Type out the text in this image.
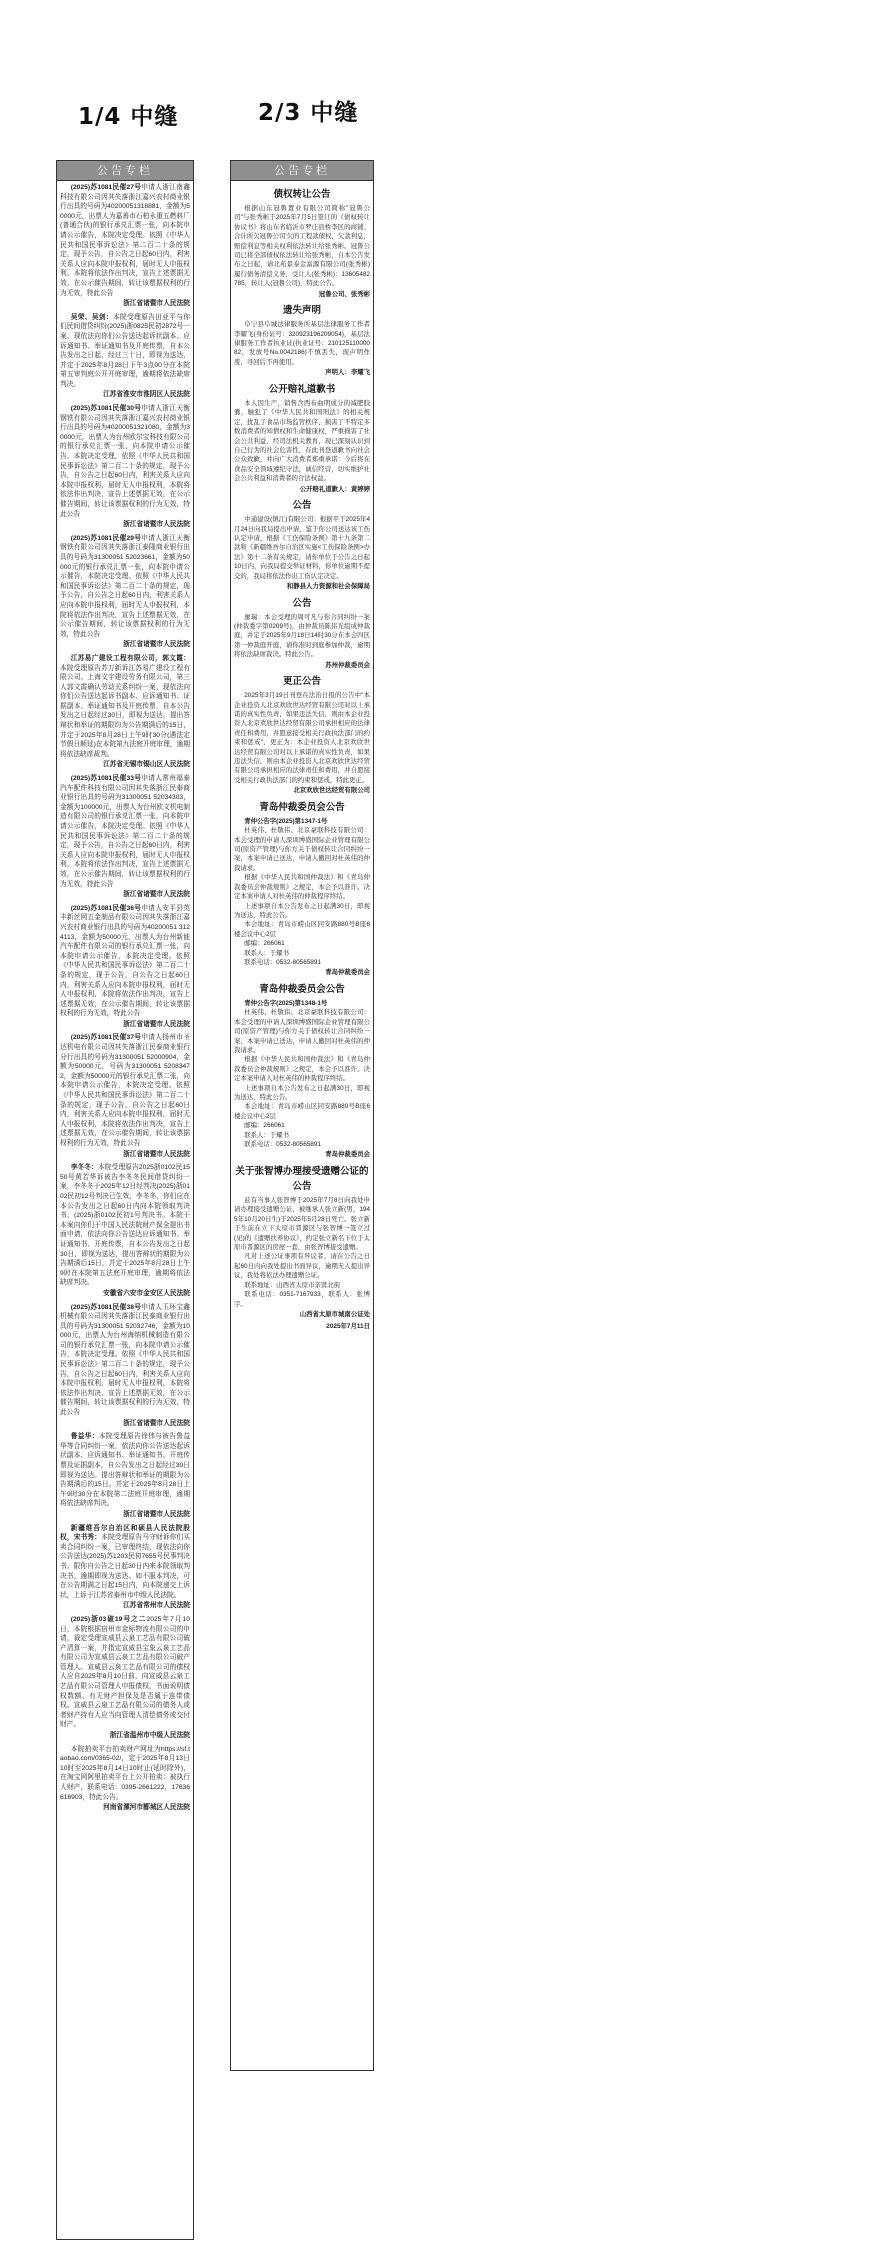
1/4 中缝	2/3 中缝
公告专栏
(2025)苏1081民催27号申请人浙江南鑫科技有限公司因其失落浙江嘉兴农村商业银行出具的号码为40200051318881，金额为50000元，出票人为嘉善市石柏永重五燃料厂(普通合伙)的银行承兑汇票一张，向本院申请公示催告，本院决定受理。依照《中华人民共和国民事诉讼法》第二百二十条的规定，现予公告，自公告之日起60日内，利害关系人应向本院申报权利，届时无人申报权利，本院将依法作出判决，宣告上述票据无效，在公示催告期间，转让该票据权利的行为无效，特此公告
浙江省诸暨市人民法院
吴荣、吴剑：本院受理原告田亚平与你们民间借贷纠纷(2025)浙0825民初2872号一案，现依法向你们公告送达起诉状副本、应诉通知书、举证通知书及开庭传票，自本公告发出之日起，经过三十日，即视为送达，并定于2025年8月28日下午3点00分在本院第五审判庭公开开庭审理，逾期将依法缺席判决。
江苏省淮安市淮阴区人民法院
(2025)苏1081民催30号申请人浙江天衡钢铁有限公司因其失落浙江嘉兴农村商业银行出具的号码为40200051321080，金额为30000元，出票人为台州欧尔宝科技有限公司的银行承兑汇票一张，向本院申请公示催告，本院决定受理，依照《中华人民共和国民事诉讼法》第二百二十条的规定，现予公告，自公告之日起60日内，利害关系人应向本院申报权利，届时无人申报权利，本院将依法作出判决，宣告上述票据无效，在公示催告期间，转让该票据权利的行为无效，特此公告
浙江省诸暨市人民法院
(2025)苏1081民催29号申请人浙江天衡钢铁有限公司因其失落浙江泰隆商业银行出具的号码为31300051 52023661，金额为50000元的银行承兑汇票一张，向本院申请公示催告，本院决定受理。依照《中华人民共和国民事诉讼法》第二百二十条的规定，现予公告，自公告之日起60日内，利害关系人应向本院申报权利，届时无人申报权利，本院将依法作出判决，宣告上述票据无效，在公示催告期间，转让该票据权利的行为无效，特此公告
浙江省诸暨市人民法院
江苏易广建设工程有限公司，郭文霞：本院受理原告苏万新诉江苏易广建设工程有限公司、上海文宇建设劳务有限公司，第三人郭文霞确认劳动关系纠纷一案，现依法向你们公告送达起诉书副本、应诉通知书、证据副本、举证通知书及开庭传票，自本公告发出之日起经过30日，即视为送达，提出答辩状和举证的期限均为公告期满后的15日，并定于2025年8月28日上午9时30分(遇法定节假日顺延)在本院第九法庭开庭审理，逾期将依法缺席裁判。
江苏省无锡市锡山区人民法院
(2025)苏1081民催33号申请人常州福泰汽车配件科技有限公司因其失落浙江民泰商业银行出具的号码为31300051 52034303，金额为100000元，出票人为台州欧文机电制造有限公司的银行承兑汇票一张，向本院申请公示催告，本院决定受理。依照《中华人民共和国民事诉讼法》第二百二十条的规定，现予公告，自公告之日起60日内，利害关系人应向本院申报权利，届时无人申报权利，本院将依法作出判决，宣告上述票据无效，在公示催告期间，转让该票据权利的行为无效，特此公告
浙江省诸暨市人民法院
(2025)苏1081民催36号申请人安平县英丰新丝网五金制品有限公司因其失落浙江嘉兴农村商业银行出具的号码为40200051 3124113，金额为50000元，出票人为台州新能汽车配件有限公司的银行承兑汇票一张，向本院申请公示催告，本院决定受理。依照《中华人民共和国民事诉讼法》第二百二十条的规定，现予公告，自公告之日起60日内，利害关系人应向本院申报权利，届时无人申报权利，本院将依法作出判决，宣告上述票据无效，在公示催告期间，转让该票据权利的行为无效，特此公告
浙江省诸暨市人民法院
(2025)苏1081民催37号申请人扬州市圣达机电有限公司因其失落浙江民泰商业银行分行出具的号码为31300051 52000904，金额为50000元，号码为31300051 52083472，金额为50000元的银行承兑汇票二张，向本院申请公示催告，本院决定受理。依照《中华人民共和国民事诉讼法》第二百二十条的规定，现予公告，自公告之日起60日内，利害关系人应向本院申报权利，届时无人申报权利，本院将依法作出判决，宣告上述票据无效，在公示催告期间，转让该票据权利的行为无效，特此公告
浙江省诸暨市人民法院
李冬冬：本院受理原告2025浙0102民1550号黄若华诉被告李冬冬民间借贷纠纷一案，李冬冬于2025年12日经判决(2025)浙0102民初12号判决已生效，李冬冬，你们应在本公告发出之日起60日内向本院领取判决书，(2025)浙0102民初1号判决书。本院于本案向你们于中国人民法院财产保全提出书面申请，依法向你公告送达应诉通知书、举证通知书、开庭传票，自本公告发出之日起30日，即视为送达，提出答辩状的期限为公告期满后15日，并定于2025年8月28日上午9时在本院第五法庭开庭审理，逾期将依法缺席判决。
安徽省六安市金安区人民法院
(2025)苏1081民催38号申请人玉环宝鑫机械有限公司因其失落浙江民泰商业银行出具的号码为31300051 52032746，金额为10000元，出票人为台州海纳机械制造有限公司的银行承兑汇票一张，向本院申请公示催告，本院决定受理。依照《中华人民共和国民事诉讼法》第二百二十条的规定，现予公告，自公告之日起60日内，利害关系人应向本院申报权利，届时无人申报权利，本院将依法作出判决，宣告上述票据无效，在公示催告期间，转让该票据权利的行为无效，特此公告
浙江省诸暨市人民法院
鲁益华：本院受理原告徐伟与被告鲁益华等合同纠纷一案，依法向你公告送达起诉状副本、应诉通知书、举证通知书、开庭传票及证据副本，自公告发出之日起经过30日即视为送达。提出答辩状和举证的期限为公告期满后的15日。并定于2025年8月28日上午9时30分在本院第二法庭开庭审理，逾期将依法缺席判决。
浙江省诸暨市人民法院
新疆维吾尔自治区和硕县人民法院股权，宋书秀：本院受理原告马守财诉你们买卖合同纠纷一案，已审理终结，现依法向你公告送达(2025)苏1203民初7655号民事判决书。限你自公告之日起30日内来本院领取判决书，逾期即视为送达。如不服本判决，可在公告期满之日起15日内，向本院递交上诉状，上诉于江苏省泰州市中级人民法院。
江苏省常州市人民法院
(2025)浙03破19号之二2025年7月10日，本院根据宿州市金标物流有限公司的申请，裁定受理宣威县云泉工艺品有限公司破产清算一案，并指定宣威县宝象云泉工艺品有限公司为宣威县云泉工艺品有限公司破产管理人。宣威县云泉工艺品有限公司的债权人应自2025年8月10日前，向宣威县云泉工艺品有限公司管理人申报债权，书面说明债权数额、有无财产担保及是否属于连带债权。宣威县云泉工艺品有限公司的债务人或者财产持有人应当向管理人清偿债务或交付财产。
浙江省温州市中级人民法院
本院拍卖平台拍卖财产网址为https://sf.taobao.com/0365-02/，定于2025年8月13日10时至2025年8月14日10时止(延时除外)，在淘宝网阿里拍卖平台上公开拍卖：被执行人财产，联系电话：0395-2661222，17636616903，特此公告。
河南省漯河市郾城区人民法院
公告专栏
债权转让公告

根据山东冠鲁置业有限公司简称"冠鲁公司"与张秀彬于2025年7月5日签订的《债权转让协议书》将山东省临沂市罗庄县桥李区的商铺、合计所欠冠鲁公司'欠的工程款债权，欠款利息，赔偿利息等相关权利依法转让给张秀彬。冠鲁公司已将全部债权依法转让给张秀彬，自本公告发布之日起，请北苑景泰金富源有限公司(张秀彬)履行债务清偿义务，受让人(张秀彬)：13605482785，转让人(冠鲁公司)，特此公告。

冠鲁公司、张秀彬
遗失声明

阜宁县阜城法律服务所基层法律服务工作者李耀飞(身份证号：320923196209054)，基层法律服务工作者执业证(执业证号：21012511000082，发放号No.0042186)不慎丢失，现声明作废，寻回后不再使用。

声明人：李耀飞
公开赔礼道歉书

本人因生产，销售含西布曲明成分的减肥胶囊，触犯了《中华人民共和国刑法》的相关规定，扰乱了食品市场监管秩序，损害了不特定多数消费者的知情权和生命健康权，严重损害了社会公共利益，经司法机关教育，现已深刻认识到自己行为的社会危害性，在此刊登道歉书向社会公众致歉，并向广大消费者郑重承诺：今后将在食品安全领域遵纪守法，诚信经营，切实维护社会公共利益和消费者的合法权益。

公开赔礼道歉人：黄婷婷
公告

中通建设(镇江)有限公司：根据平于2025年4月24日向我局提出申请，鉴于你公司送达该工伤认定申请，根据《工伤保险条例》第十九条第二款和《新疆维吾尔自治区实施<工伤保险条例>办法》第十二条有关规定，请你单位于公告之日起10日内，向我局提交举证材料，你单位逾期不提交的，我局将依法作出工伤认定决定。

和静县人力资源和社会保障局
公告

廖瑞：本会受理的周可凡与你合同纠纷一案(仲裁委字第0209号)，由仲裁员陈伟光组成仲裁庭，并定于2025年9月18日14时30分在本会四区第一仲裁庭开庭，请你准时到庭参加仲裁，逾期将依法缺席裁决。特此公告。

苏州仲裁委员会
更正公告

2025年3月19日刊登在法治日报的公告中"本企业投资人北京欢欣世达经贸有限公司对以上承诺的真实性负责，如果违法失信，则由本企业投资人北京欢欣世达经贸有限公司承担相应的法律责任和费用，并愿意接受相关行政执法部门的约束和惩戒"，更正为：本企业投资人北京欢欣世达经贸有限公司对以上承诺的真实性负责，如果违法失信，则由本企业投资人北京欢欣世达经贸有限公司承担相应的法律责任和费用，并自愿接受相关行政执法部门的约束和惩戒，特此更正。

北京欢欣世达经贸有限公司
青岛仲裁委员会公告

青仲公告字(2025)第1347-1号

杜英伟、杜敬伟、北京豪联科技有限公司：本会受理的申请人深圳博盛国际企业管理有限公司(原资产管理)与你方关于债权转让合同纠纷一案，本案申请已送达，申请人撤回对杜英伟的仲裁请求。

根据《中华人民共和国仲裁法》和《青岛仲裁委员会仲裁规则》之规定，本会予以准许。决定本案申请人对杜英伟的仲裁程序终结。

上述事项自本公告发布之日起满30日，即视为送达，特此公告。

本会地址：青岛市崂山区同安路880号B座6楼会议中心2层

邮编：266061

联系人：于耀书

联系电话：0532-80565891

青岛仲裁委员会
青岛仲裁委员会公告

青仲公告字(2025)第1348-1号

杜英伟、杜敬伟、北京豪联科技有限公司：本会受理的申请人深圳博盛国际企业管理有限公司(原资产管理)与你方关于债权转让合同纠纷一案，本案申请已送达，申请人撤回对杜英伟的仲裁请求。

根据《中华人民共和国仲裁法》和《青岛仲裁委员会仲裁规则》之规定，本会予以准许。决定本案申请人对杜英伟的仲裁程序终结。

上述事项自本公告发布之日起满30日，即视为送达，特此公告。

本会地址：青岛市崂山区同安路880号B座6楼会议中心2层

邮编：266061

联系人：于耀书

联系电话：0532-80565891

青岛仲裁委员会
关于张智博办理接受遗赠公证的公告

兹有当事人张智博于2025年7月8日向我处申请办理接受遗赠公证，被继承人张立新(男，1945年10月20日生)于2025年5月28日死亡。张立新于生前在立下太原市晋源区与张智博一签立过(见)的《遗赠扶养协议》，约定张立新名下位于太原市晋源区的房屋一套，由张智博接受遗赠。

凡对上述公证事项有异议者，请在公告之日起60日内向我处提出书面异议，逾期无人提出异议，我处将依法办理遗赠公证。

联系地址：山西省太原市亲贤北街

联系电话：0351-7167933，联系人：张博宇。

山西省太原市城南公证处
2025年7月11日
